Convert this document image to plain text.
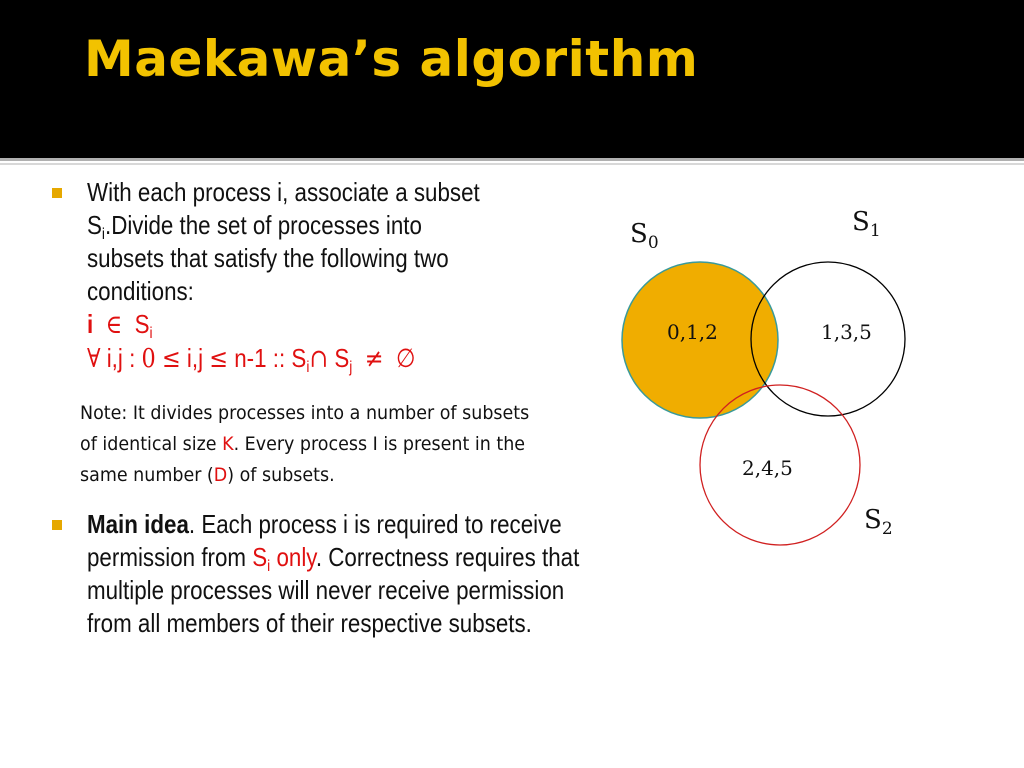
Maekawa’s algorithm
With each process i, associate a subset
$S_i.Divide$ the set of processes into
subsets that satisfy the following two
conditions:
i ∈ $S_i$
∀ i,j : 0 ≤ i,j ≤ n-1 :: $S_i\cap$ $S_j$ ≠ ∅
Note: It divides processes into a number of subsets of identical size K. Every process I is present in the same number (D) of subsets.
Main idea. Each process i is required to receive permission from $S_i$ only. Correctness requires that multiple processes will never receive permission from all members of their respective subsets.
$S_0$
$S_1$
$S_2$
0,1,2	1,3,5
2,4,5
